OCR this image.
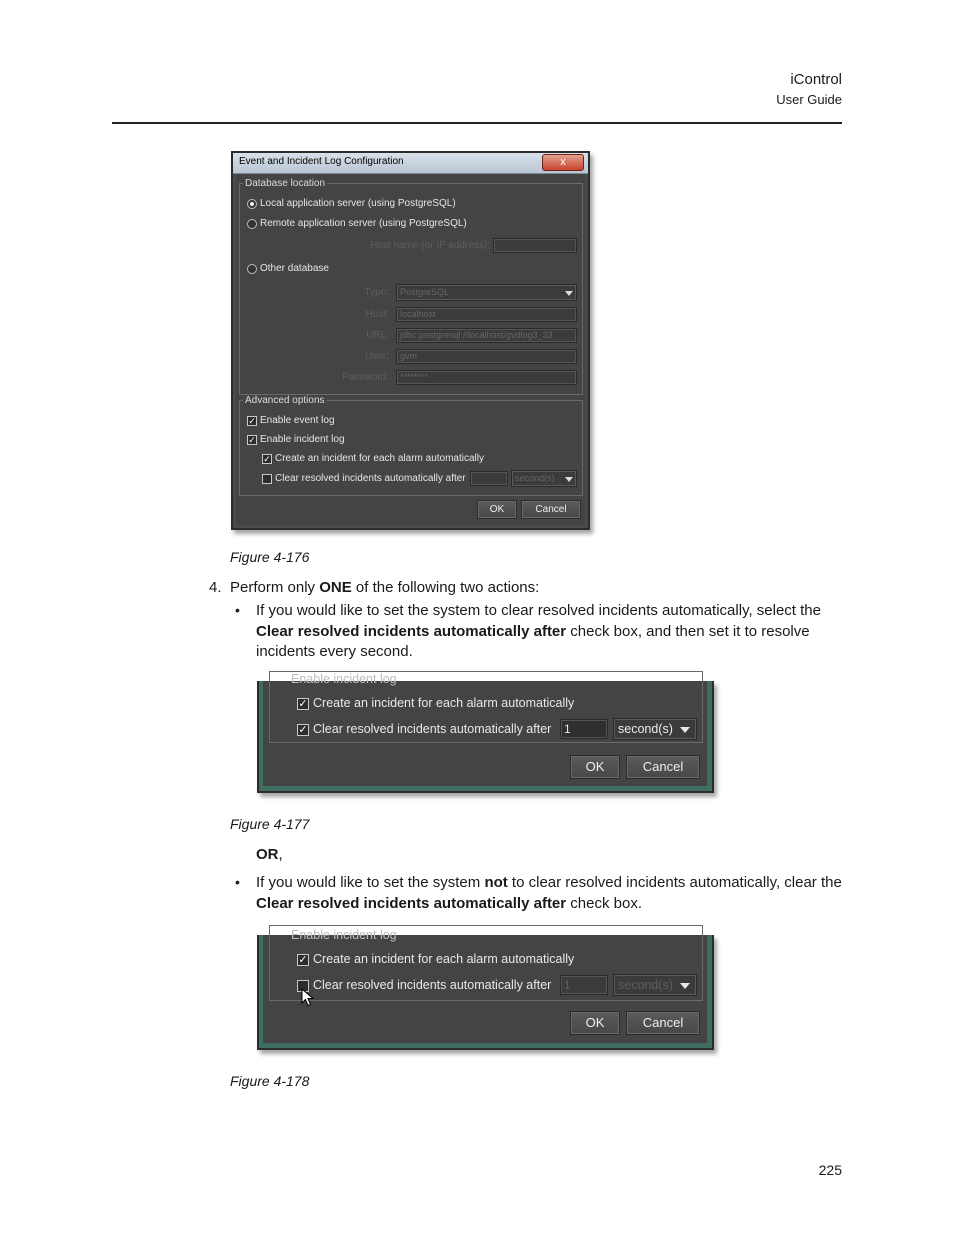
iControl
User Guide
Event and Incident Log Configuration	x
Database location
Local application server (using PostgreSQL)
Remote application server (using PostgreSQL)
Host name (or IP address):
Other database
Type:	PostgreSQL
Host:	localhost
URL:	jdbc:postgresql://localhost/gvdlog3_33
User:	gvm
Password:	********
Advanced options
✓ Enable event log
✓ Enable incident log
✓ Create an incident for each alarm automatically
Clear resolved incidents automatically after	second(s)
OK	Cancel
Figure 4-176
4. Perform only ONE of the following two actions:
• If you would like to set the system to clear resolved incidents automatically, select the Clear resolved incidents automatically after check box, and then set it to resolve incidents every second.
Enable incident log
✓ Create an incident for each alarm automatically
✓ Clear resolved incidents automatically after	1	second(s)
OK	Cancel
Figure 4-177
OR,
• If you would like to set the system not to clear resolved incidents automatically, clear the Clear resolved incidents automatically after check box.
Enable incident log
✓ Create an incident for each alarm automatically
Clear resolved incidents automatically after	1	second(s)
OK	Cancel
Figure 4-178
225
